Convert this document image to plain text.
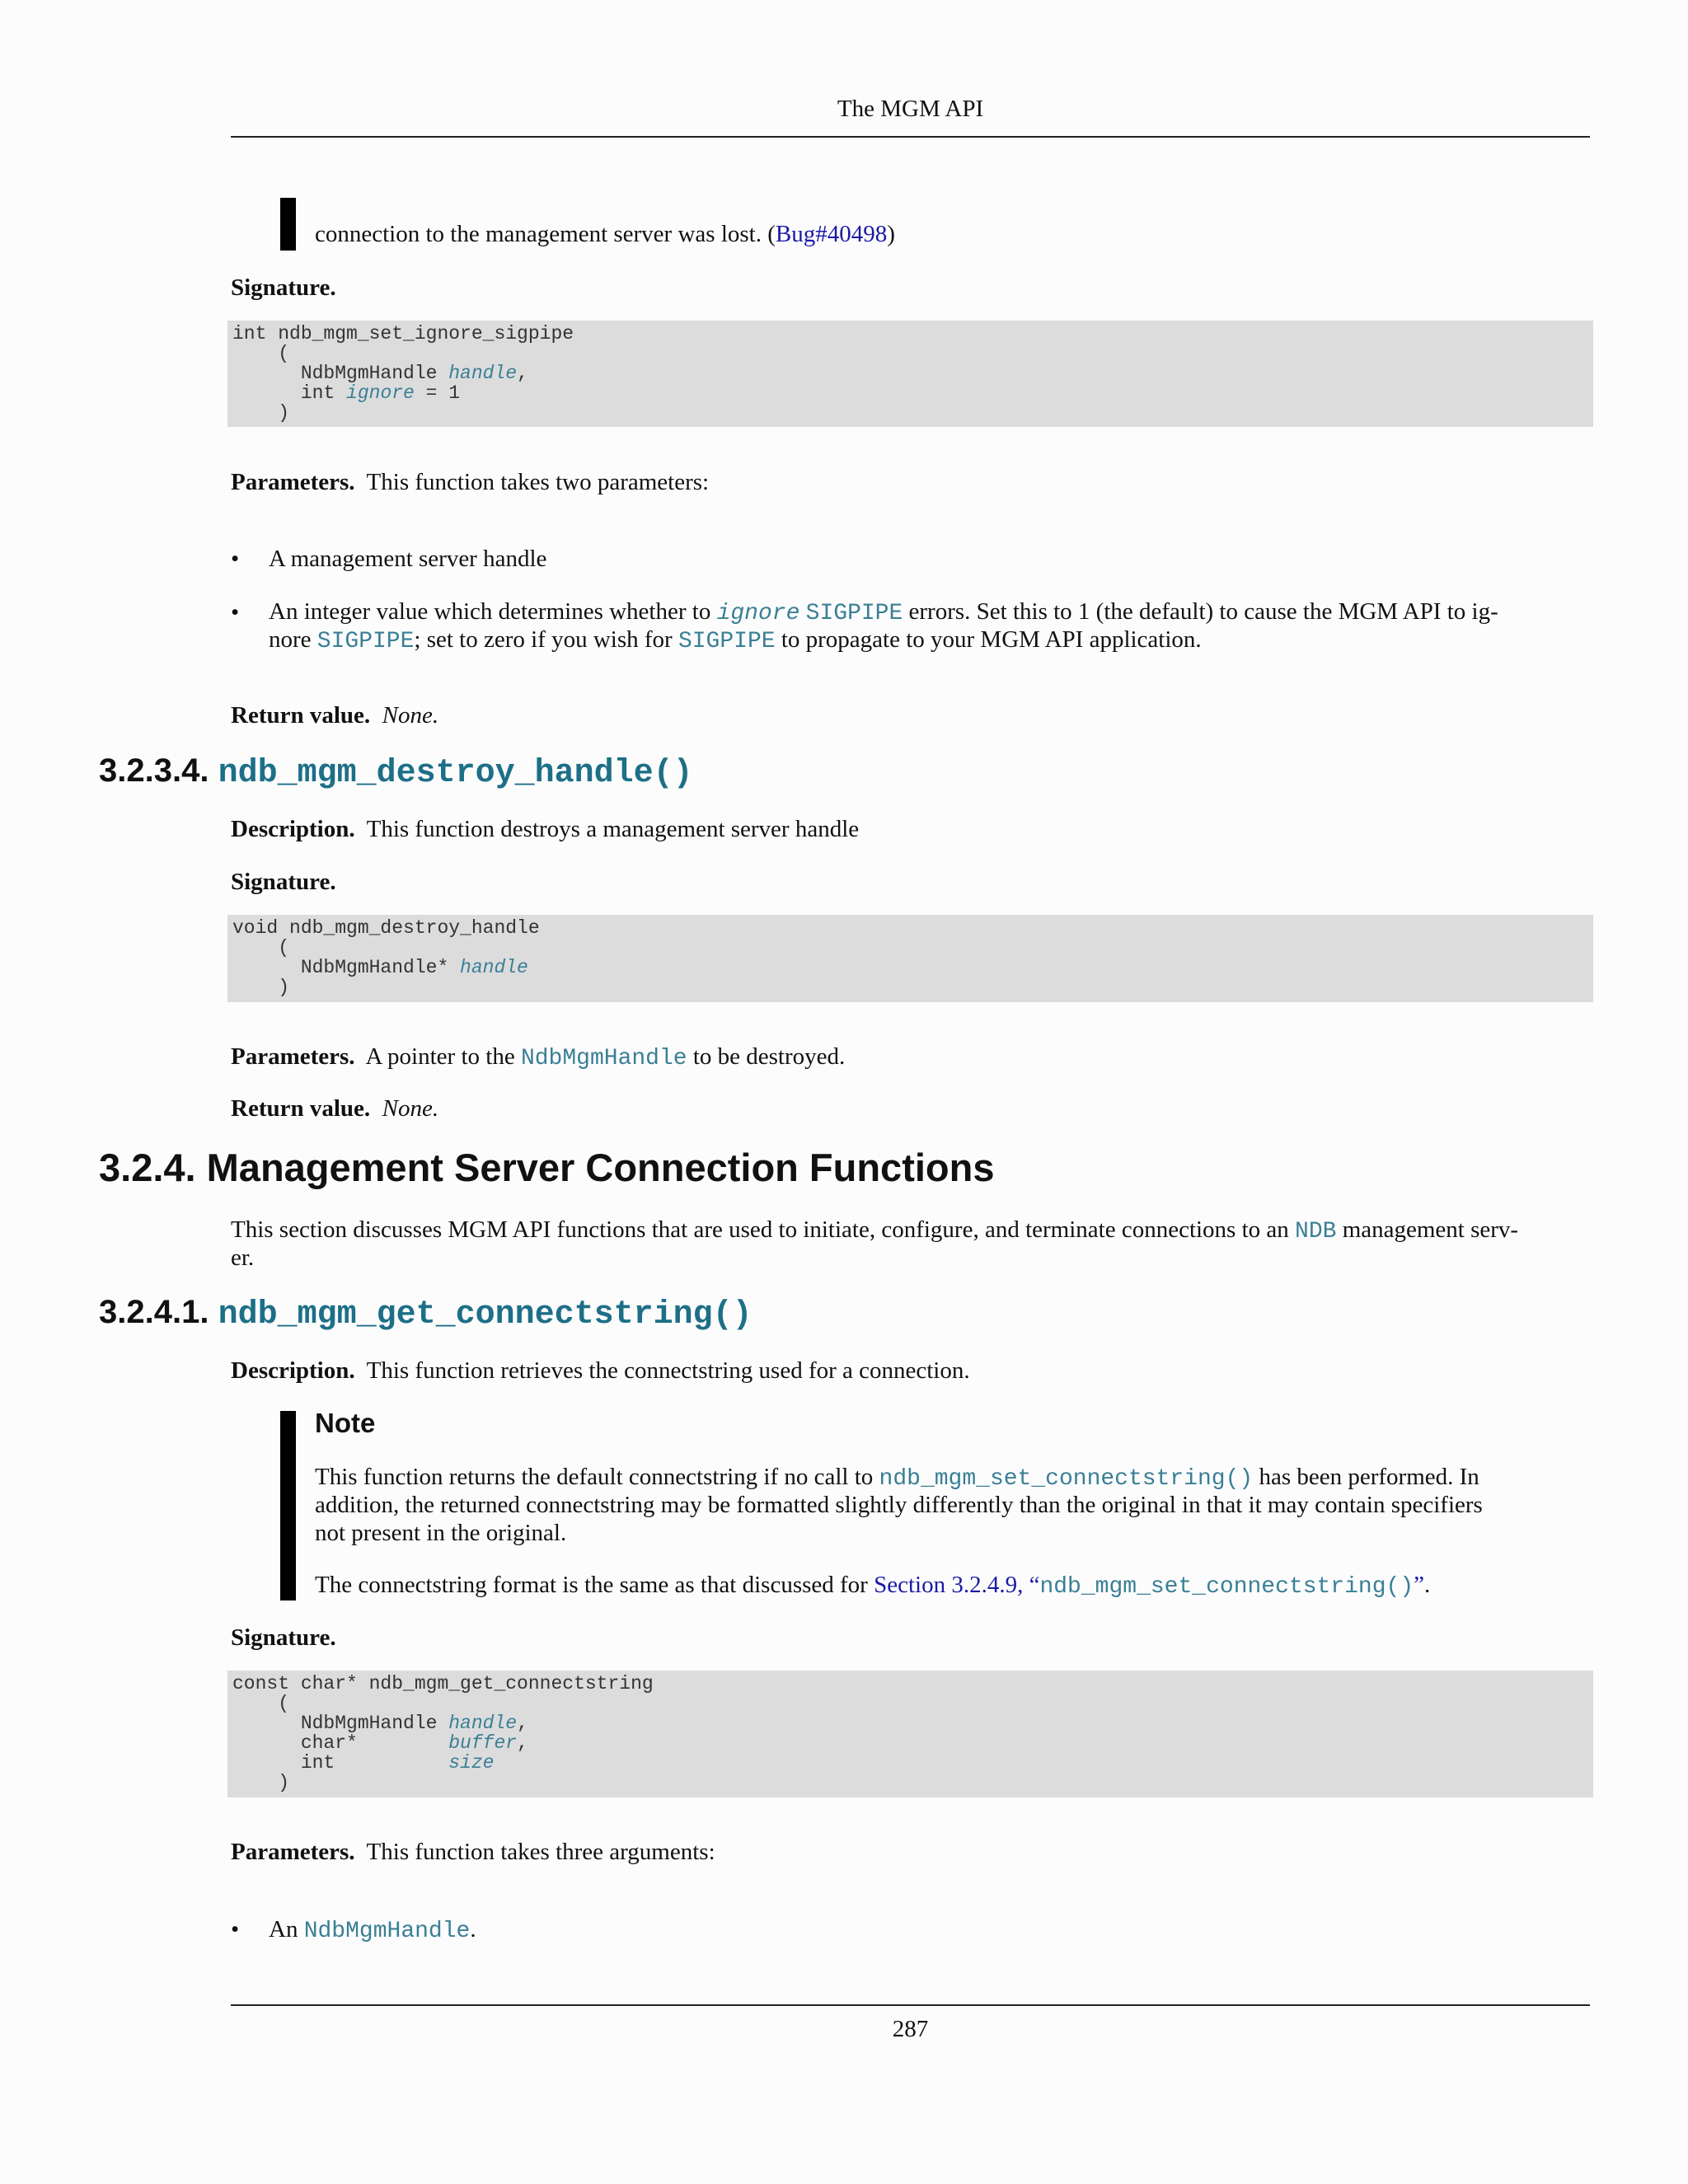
The MGM API
connection to the management server was lost. (Bug#40498)
Signature.
int ndb_mgm_set_ignore_sigpipe
(
NdbMgmHandle handle,
int ignore = 1
)
Parameters. This function takes two parameters:
• A management server handle
• An integer value which determines whether to ignore SIGPIPE errors. Set this to 1 (the default) to cause the MGM API to ig-
nore SIGPIPE; set to zero if you wish for SIGPIPE to propagate to your MGM API application.
Return value. None.
3.2.3.4. ndb_mgm_destroy_handle()
Description. This function destroys a management server handle
Signature.
void ndb_mgm_destroy_handle
(
NdbMgmHandle* handle
)
Parameters. A pointer to the NdbMgmHandle to be destroyed.
Return value. None.
3.2.4. Management Server Connection Functions
This section discusses MGM API functions that are used to initiate, configure, and terminate connections to an NDB management serv-
er.
3.2.4.1. ndb_mgm_get_connectstring()
Description. This function retrieves the connectstring used for a connection.
Note
This function returns the default connectstring if no call to ndb_mgm_set_connectstring() has been performed. In
addition, the returned connectstring may be formatted slightly differently than the original in that it may contain specifiers
not present in the original.
The connectstring format is the same as that discussed for Section 3.2.4.9, “ndb_mgm_set_connectstring()”.
Signature.
const char* ndb_mgm_get_connectstring
(
NdbMgmHandle handle,
char*	buffer,
int	size
)
Parameters. This function takes three arguments:
• An NdbMgmHandle.
287
